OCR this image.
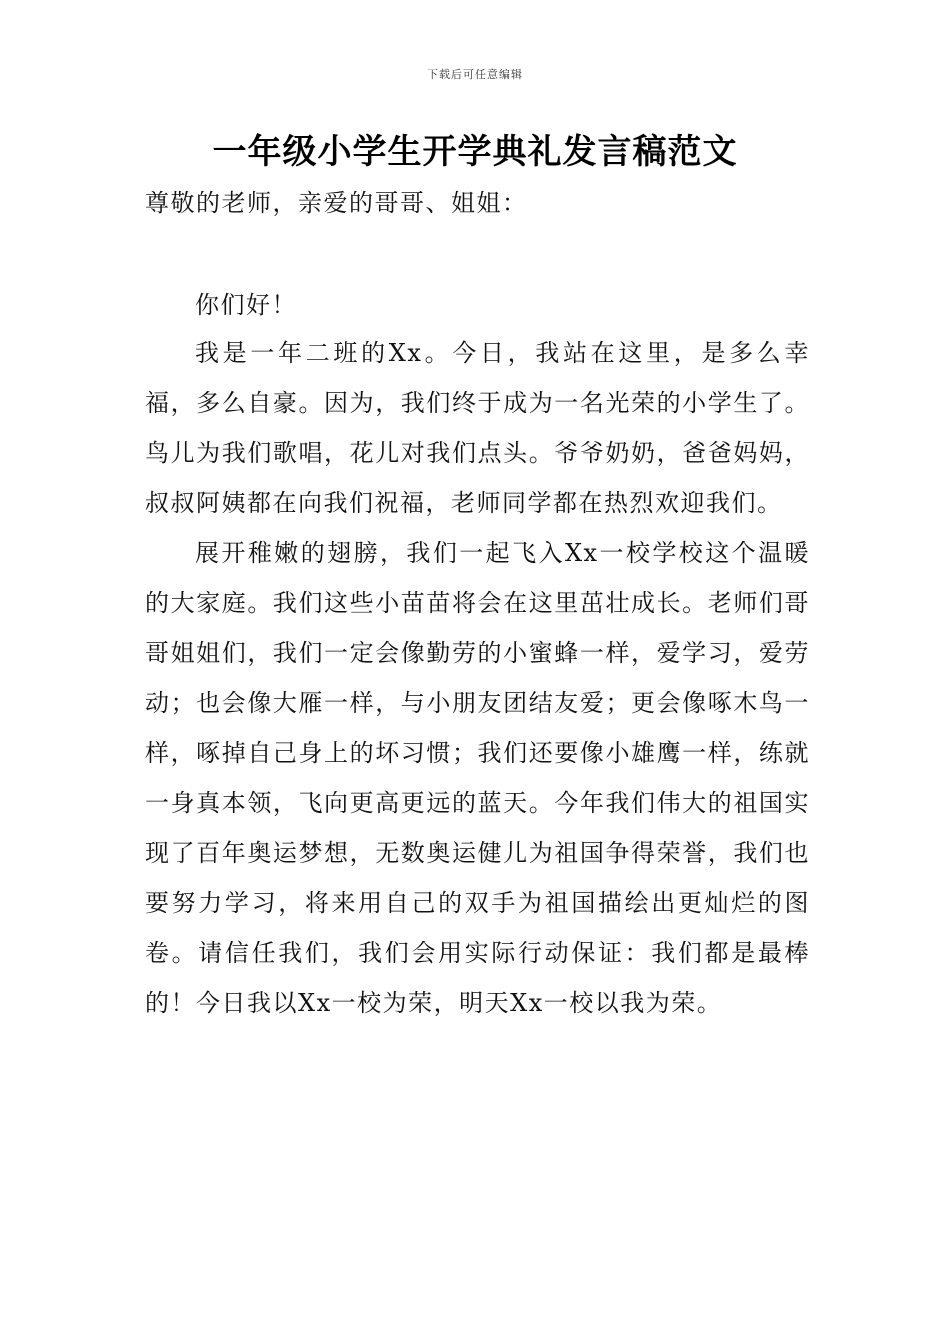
下载后可任意编辑
一年级小学生开学典礼发言稿范文
尊敬的老师，亲爱的哥哥、姐姐：
你们好！
我是一年二班的Xx。今日，我站在这里，是多么幸福，多么自豪。因为，我们终于成为一名光荣的小学生了。鸟儿为我们歌唱，花儿对我们点头。爷爷奶奶，爸爸妈妈，叔叔阿姨都在向我们祝福，老师同学都在热烈欢迎我们。
展开稚嫩的翅膀，我们一起飞入Xx一校学校这个温暖的大家庭。我们这些小苗苗将会在这里茁壮成长。老师们哥哥姐姐们，我们一定会像勤劳的小蜜蜂一样，爱学习，爱劳动；也会像大雁一样，与小朋友团结友爱；更会像啄木鸟一样，啄掉自己身上的坏习惯；我们还要像小雄鹰一样，练就一身真本领，飞向更高更远的蓝天。今年我们伟大的祖国实现了百年奥运梦想，无数奥运健儿为祖国争得荣誉，我们也要努力学习，将来用自己的双手为祖国描绘出更灿烂的图卷。请信任我们，我们会用实际行动保证：我们都是最棒的！今日我以Xx一校为荣，明天Xx一校以我为荣。
